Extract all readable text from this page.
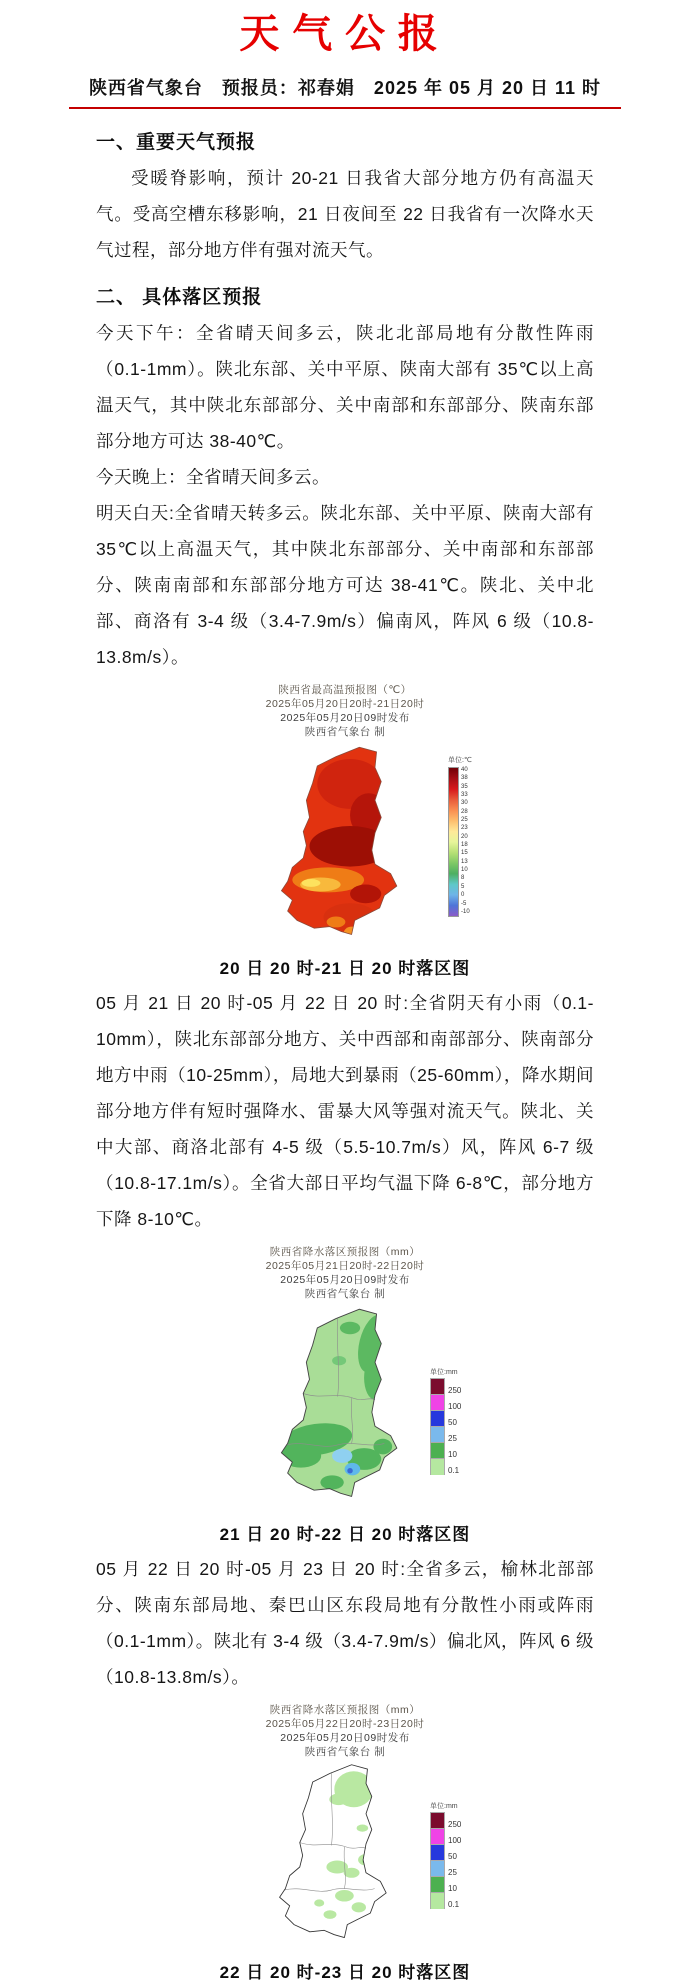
天气公报
陕西省气象台　预报员：祁春娟　2025 年 05 月 20 日 11 时
一、重要天气预报

受暖脊影响，预计 20-21 日我省大部分地方仍有高温天气。受高空槽东移影响，21 日夜间至 22 日我省有一次降水天气过程，部分地方伴有强对流天气。

二、 具体落区预报

今天下午：全省晴天间多云，陕北北部局地有分散性阵雨（0.1-1mm）。陕北东部、关中平原、陕南大部有 35℃以上高温天气，其中陕北东部部分、关中南部和东部部分、陕南东部部分地方可达 38-40℃。

今天晚上：全省晴天间多云。

明天白天:全省晴天转多云。陕北东部、关中平原、陕南大部有 35℃以上高温天气，其中陕北东部部分、关中南部和东部部分、陕南南部和东部部分地方可达 38-41℃。陕北、关中北部、商洛有 3-4 级（3.4-7.9m/s）偏南风，阵风 6 级（10.8-13.8m/s）。

陕西省最高温预报图（℃）
2025年05月20日20时-21日20时
2025年05月20日09时发布
陕西省气象台 制
单位:℃
40
38
35
33
30
28
25
23
20
18
15
13
10
8
5
0
-5
-10
20 日 20 时-21 日 20 时落区图

05 月 21 日 20 时-05 月 22 日 20 时:全省阴天有小雨（0.1-10mm），陕北东部部分地方、关中西部和南部部分、陕南部分地方中雨（10-25mm），局地大到暴雨（25-60mm），降水期间部分地方伴有短时强降水、雷暴大风等强对流天气。陕北、关中大部、商洛北部有 4-5 级（5.5-10.7m/s）风，阵风 6-7 级（10.8-17.1m/s）。全省大部日平均气温下降 6-8℃，部分地方下降 8-10℃。

陕西省降水落区预报图（mm）
2025年05月21日20时-22日20时
2025年05月20日09时发布
陕西省气象台 制
单位:mm
250
100
50
25
10
0.1
21 日 20 时-22 日 20 时落区图

05 月 22 日 20 时-05 月 23 日 20 时:全省多云，榆林北部部分、陕南东部局地、秦巴山区东段局地有分散性小雨或阵雨（0.1-1mm）。陕北有 3-4 级（3.4-7.9m/s）偏北风，阵风 6 级（10.8-13.8m/s）。

陕西省降水落区预报图（mm）
2025年05月22日20时-23日20时
2025年05月20日09时发布
陕西省气象台 制
单位:mm
250
100
50
25
10
0.1
22 日 20 时-23 日 20 时落区图
